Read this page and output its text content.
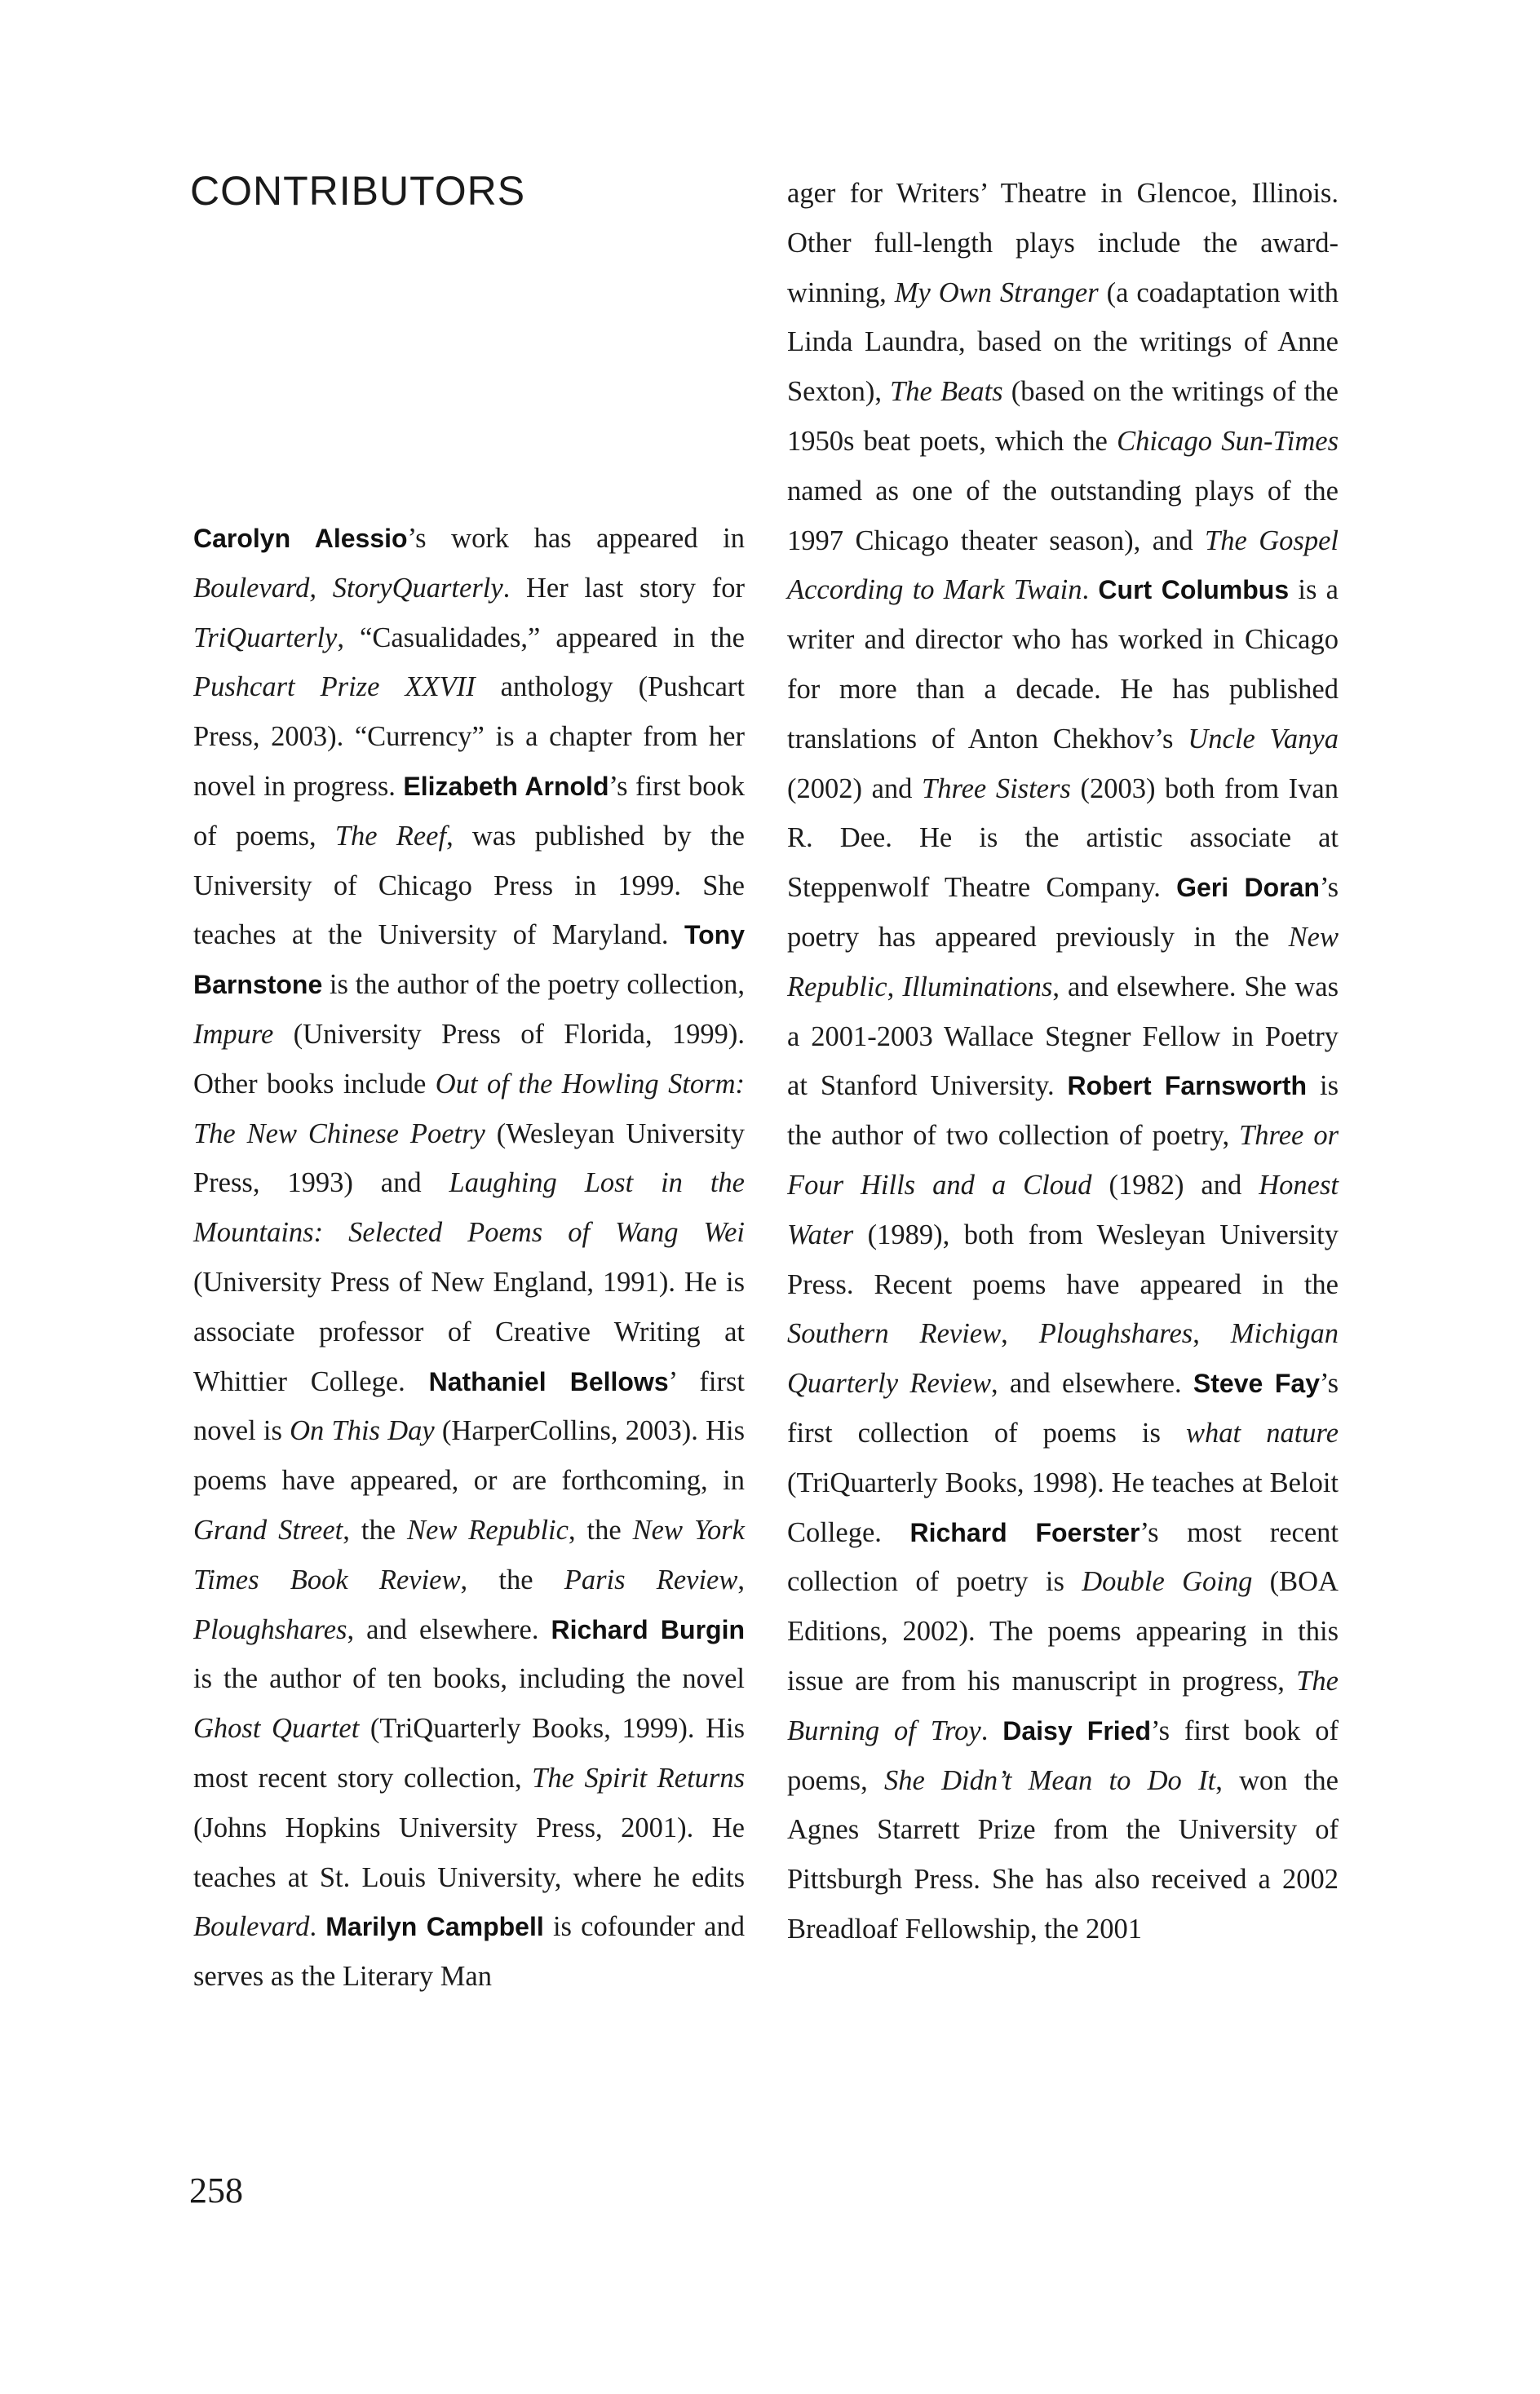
CONTRIBUTORS

Carolyn Alessio’s work has appeared in Boulevard, StoryQuarterly. Her last story for TriQuarterly, “Casualidades,” appeared in the Pushcart Prize XXVII anthology (Pushcart Press, 2003). “Currency” is a chapter from her novel in progress. Elizabeth Arnold’s first book of poems, The Reef, was published by the University of Chicago Press in 1999. She teaches at the University of Maryland. Tony Barnstone is the author of the poetry collection, Impure (University Press of Florida, 1999). Other books include Out of the Howling Storm: The New Chinese Poetry (Wesleyan University Press, 1993) and Laughing Lost in the Mountains: Selected Poems of Wang Wei (University Press of New England, 1991). He is associate professor of Creative Writing at Whittier College. Nathaniel Bellows’ first novel is On This Day (HarperCollins, 2003). His poems have appeared, or are forthcoming, in Grand Street, the New Republic, the New York Times Book Review, the Paris Review, Ploughshares, and elsewhere. Richard Burgin is the author of ten books, including the novel Ghost Quartet (TriQuarterly Books, 1999). His most recent story collection, The Spirit Returns (Johns Hopkins University Press, 2001). He teaches at St. Louis University, where he edits Boulevard. Marilyn Campbell is cofounder and serves as the Literary Man

ager for Writers’ Theatre in Glencoe, Illinois. Other full-length plays include the award-winning, My Own Stranger (a coadaptation with Linda Laundra, based on the writings of Anne Sexton), The Beats (based on the writings of the 1950s beat poets, which the Chicago Sun-Times named as one of the outstanding plays of the 1997 Chicago theater season), and The Gospel According to Mark Twain. Curt Columbus is a writer and director who has worked in Chicago for more than a decade. He has published translations of Anton Chekhov’s Uncle Vanya (2002) and Three Sisters (2003) both from Ivan R. Dee. He is the artistic associate at Steppenwolf Theatre Company. Geri Doran’s poetry has appeared previously in the New Republic, Illuminations, and elsewhere. She was a 2001-2003 Wallace Stegner Fellow in Poetry at Stanford University. Robert Farnsworth is the author of two collection of poetry, Three or Four Hills and a Cloud (1982) and Honest Water (1989), both from Wesleyan University Press. Recent poems have appeared in the Southern Review, Ploughshares, Michigan Quarterly Review, and elsewhere. Steve Fay’s first collection of poems is what nature (TriQuarterly Books, 1998). He teaches at Beloit College. Richard Foerster’s most recent collection of poetry is Double Going (BOA Editions, 2002). The poems appearing in this issue are from his manuscript in progress, The Burning of Troy. Daisy Fried’s first book of poems, She Didn’t Mean to Do It, won the Agnes Starrett Prize from the University of Pittsburgh Press. She has also received a 2002 Breadloaf Fellowship, the 2001

258
